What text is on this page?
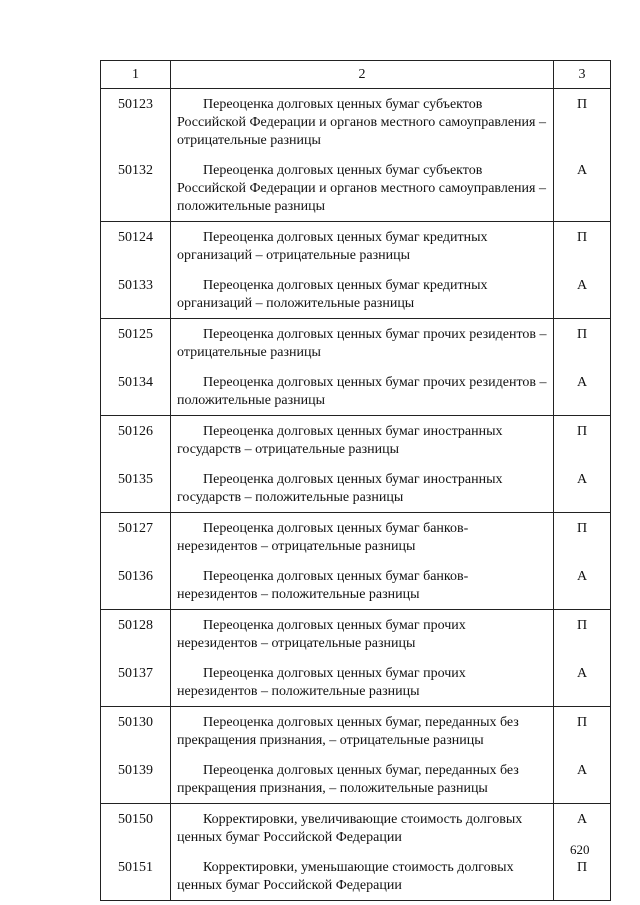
1	2	3

50123	Переоценка долговых ценных бумаг субъектов Российской Федерации и органов местного самоуправления – отрицательные разницы	П

50132	Переоценка долговых ценных бумаг субъектов Российской Федерации и органов местного самоуправления – положительные разницы	А

50124	Переоценка долговых ценных бумаг кредитных организаций – отрицательные разницы	П

50133	Переоценка долговых ценных бумаг кредитных организаций – положительные разницы	А

50125	Переоценка долговых ценных бумаг прочих резидентов – отрицательные разницы	П

50134	Переоценка долговых ценных бумаг прочих резидентов – положительные разницы	А

50126	Переоценка долговых ценных бумаг иностранных государств – отрицательные разницы	П

50135	Переоценка долговых ценных бумаг иностранных государств – положительные разницы	А

50127	Переоценка долговых ценных бумаг банков-нерезидентов – отрицательные разницы	П

50136	Переоценка долговых ценных бумаг банков-нерезидентов – положительные разницы	А

50128	Переоценка долговых ценных бумаг прочих нерезидентов – отрицательные разницы	П

50137	Переоценка долговых ценных бумаг прочих нерезидентов – положительные разницы	А

50130	Переоценка долговых ценных бумаг, переданных без прекращения признания, – отрицательные разницы	П

50139	Переоценка долговых ценных бумаг, переданных без прекращения признания, – положительные разницы	А

50150	Корректировки, увеличивающие стоимость долговых ценных бумаг Российской Федерации	А

50151	Корректировки, уменьшающие стоимость долговых ценных бумаг Российской Федерации	П
620
